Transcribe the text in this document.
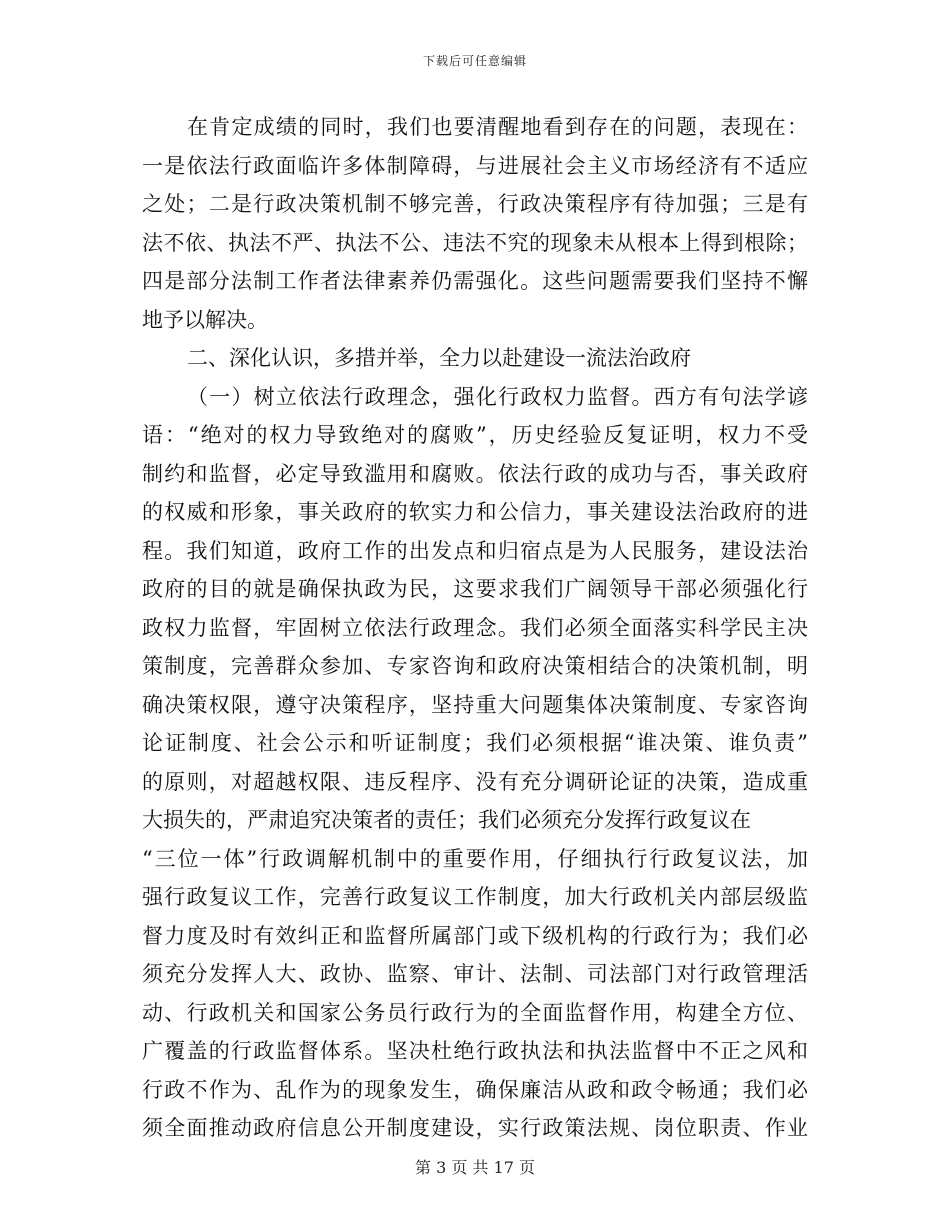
下载后可任意编辑
在肯定成绩的同时，我们也要清醒地看到存在的问题，表现在：
一是依法行政面临许多体制障碍，与进展社会主义市场经济有不适应
之处；二是行政决策机制不够完善，行政决策程序有待加强；三是有
法不依、执法不严、执法不公、违法不究的现象未从根本上得到根除；
四是部分法制工作者法律素养仍需强化。这些问题需要我们坚持不懈
地予以解决。
二、深化认识，多措并举，全力以赴建设一流法治政府
（一）树立依法行政理念，强化行政权力监督。西方有句法学谚
语：“绝对的权力导致绝对的腐败”，历史经验反复证明，权力不受
制约和监督，必定导致滥用和腐败。依法行政的成功与否，事关政府
的权威和形象，事关政府的软实力和公信力，事关建设法治政府的进
程。我们知道，政府工作的出发点和归宿点是为人民服务，建设法治
政府的目的就是确保执政为民，这要求我们广阔领导干部必须强化行
政权力监督，牢固树立依法行政理念。我们必须全面落实科学民主决
策制度，完善群众参加、专家咨询和政府决策相结合的决策机制，明
确决策权限，遵守决策程序，坚持重大问题集体决策制度、专家咨询
论证制度、社会公示和听证制度；我们必须根据“谁决策、谁负责”
的原则，对超越权限、违反程序、没有充分调研论证的决策，造成重
大损失的，严肃追究决策者的责任；我们必须充分发挥行政复议在
“三位一体”行政调解机制中的重要作用，仔细执行行政复议法，加
强行政复议工作，完善行政复议工作制度，加大行政机关内部层级监
督力度及时有效纠正和监督所属部门或下级机构的行政行为；我们必
须充分发挥人大、政协、监察、审计、法制、司法部门对行政管理活
动、行政机关和国家公务员行政行为的全面监督作用，构建全方位、
广覆盖的行政监督体系。坚决杜绝行政执法和执法监督中不正之风和
行政不作为、乱作为的现象发生，确保廉洁从政和政令畅通；我们必
须全面推动政府信息公开制度建设，实行政策法规、岗位职责、作业
第 3 页 共 17 页
